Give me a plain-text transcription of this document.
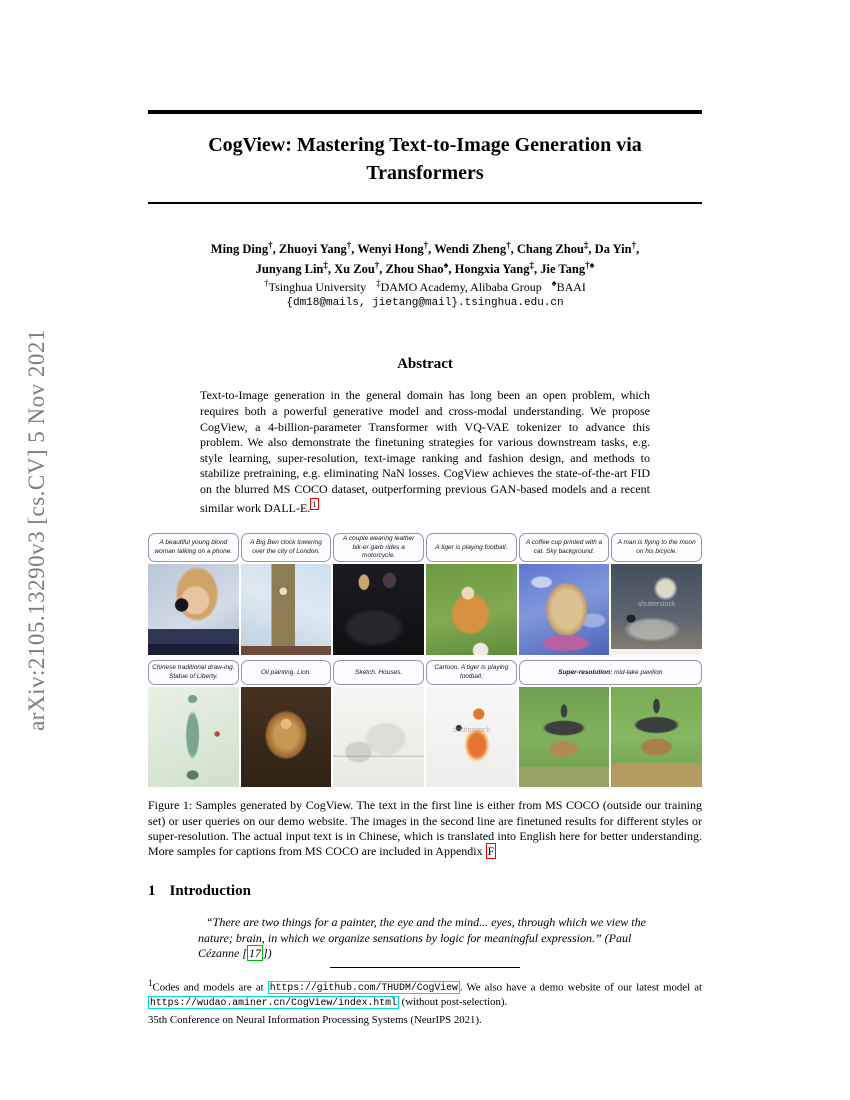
arXiv:2105.13290v3 [cs.CV] 5 Nov 2021
CogView: Mastering Text-to-Image Generation via Transformers
Ming Ding†, Zhuoyi Yang†, Wenyi Hong†, Wendi Zheng†, Chang Zhou‡, Da Yin†,
Junyang Lin‡, Xu Zou†, Zhou Shao♠, Hongxia Yang‡, Jie Tang†♠
†Tsinghua University ‡DAMO Academy, Alibaba Group ♠BAAI
{dm18@mails, jietang@mail}.tsinghua.edu.cn
Abstract

Text-to-Image generation in the general domain has long been an open problem, which requires both a powerful generative model and cross-modal understanding. We propose CogView, a 4-billion-parameter Transformer with VQ-VAE tokenizer to advance this problem. We also demonstrate the finetuning strategies for various downstream tasks, e.g. style learning, super-resolution, text-image ranking and fashion design, and methods to stabilize pretraining, e.g. eliminating NaN losses. CogView achieves the state-of-the-art FID on the blurred MS COCO dataset, outperforming previous GAN-based models and a recent similar work DALL-E. $^1$

A beautiful young blond woman talking on a phone.
A Big Ben clock towering over the city of London.
A couple wearing leather bik-er garb rides a motorcycle.
A tiger is playing football.
A coffee cup printed with a cat. Sky background.
A man is flying to the moon on his bicycle.
shutterstock
Chinese traditional draw-ing. Statue of Liberty.
Oil painting. Lion.	Sketch. Houses.
Cartoon. A tiger is playing football.
Super-resolution: mid-lake pavilion
shutterstock
Figure 1: Samples generated by CogView. The text in the first line is either from MS COCO (outside our training set) or user queries on our demo website. The images in the second line are finetuned results for different styles or super-resolution. The actual input text is in Chinese, which is translated into English here for better understanding. More samples for captions from MS COCO are included in Appendix F
1 Introduction

“There are two things for a painter, the eye and the mind... eyes, through which we view the nature; brain, in which we organize sensations by logic for meaningful expression.” (Paul Cézanne [ 17 ])

$^1$Codes and models are at https://github.com/THUDM/CogView . We also have a demo website of our latest model at https://wudao.aminer.cn/CogView/index.html (without post-selection).

35th Conference on Neural Information Processing Systems (NeurIPS 2021).
